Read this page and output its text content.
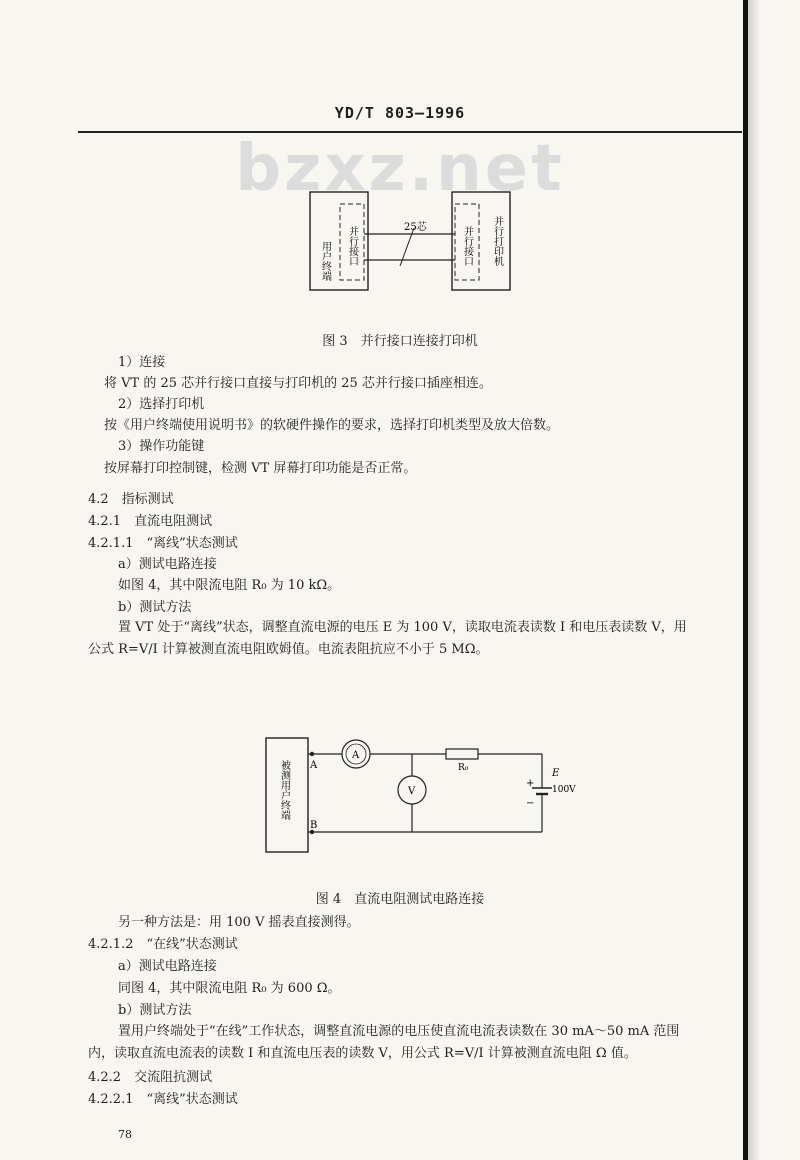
YD/T 803—1996
bzxz.net
25芯
用户终端 并行接口	并行接口 并行打印机
图 3　并行接口连接打印机
1）连接
将 VT 的 25 芯并行接口直接与打印机的 25 芯并行接口插座相连。
2）选择打印机
按《用户终端使用说明书》的软硬件操作的要求，选择打印机类型及放大倍数。
3）操作功能键
按屏幕打印控制键，检测 VT 屏幕打印功能是否正常。
4.2　指标测试
4.2.1　直流电阻测试
4.2.1.1　“离线”状态测试
a）测试电路连接
如图 4，其中限流电阻 R₀ 为 10 kΩ。
b）测试方法
置 VT 处于“离线”状态，调整直流电源的电压 E 为 100 V，读取电流表读数 I 和电压表读数 V，用
公式 R=V/I 计算被测直流电阻欧姆值。电流表阻抗应不小于 5 MΩ。
被测用户终端 A
A
R₀
+
−
E
100V
V
B
图 4　直流电阻测试电路连接
另一种方法是：用 100 V 摇表直接测得。
4.2.1.2　“在线”状态测试
a）测试电路连接
同图 4，其中限流电阻 R₀ 为 600 Ω。
b）测试方法
置用户终端处于“在线”工作状态，调整直流电源的电压使直流电流表读数在 30 mA～50 mA 范围
内，读取直流电流表的读数 I 和直流电压表的读数 V，用公式 R=V/I 计算被测直流电阻 Ω 值。
4.2.2　交流阻抗测试
4.2.2.1　“离线”状态测试
78
